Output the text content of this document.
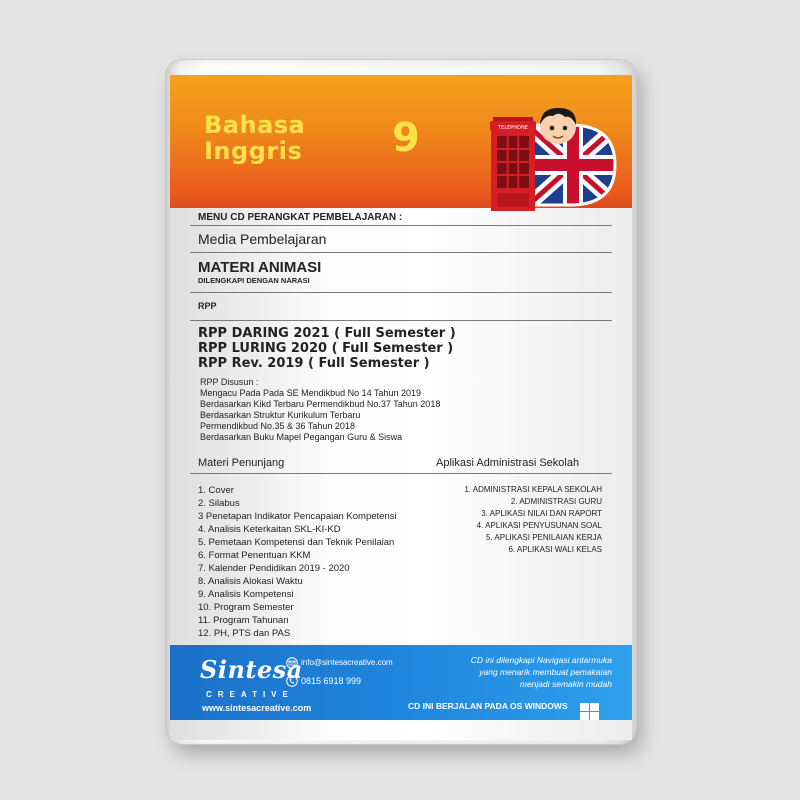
Bahasa
Inggris 9	TELEPHONE
MENU CD PERANGKAT PEMBELAJARAN :
Media Pembelajaran
MATERI ANIMASI
DILENGKAPI DENGAN NARASI
RPP
RPP DARING 2021 ( Full Semester )
RPP LURING 2020 ( Full Semester )
RPP Rev. 2019 ( Full Semester )
RPP Disusun :
Mengacu Pada Pada SE Mendikbud No 14 Tahun 2019
Berdasarkan Kikd Terbaru Permendikbud No.37 Tahun 2018
Berdasarkan Struktur Kurikulum Terbaru
Permendikbud No.35 & 36 Tahun 2018
Berdasarkan Buku Mapel Pegangan Guru & Siswa
Materi Penunjang	Aplikasi Administrasi Sekolah
1. Cover
2. Silabus
3 Penetapan Indikator Pencapaian Kompetensi
4. Analisis Keterkaitan SKL-KI-KD
5. Pemetaan Kompetensi dan Teknik Penilaian
6. Format Penentuan KKM
7. Kalender Pendidikan 2019 - 2020
8. Analisis Alokasi Waktu
9. Analisis Kompetensi
10. Program Semester
11. Program Tahunan
12. PH, PTS dan PAS
1. ADMINISTRASI KEPALA SEKOLAH
2. ADMINISTRASI GURU
3. APLIKASI NILAI DAN RAPORT
4. APLIKASI PENYUSUNAN SOAL
5. APLIKASI PENILAIAN KERJA
6. APLIKASI WALI KELAS
Sintesa
CREATIVE
www.sintesacreative.com
info@sintesacreative.com
0815 6918 999
CD ini dilengkapi Navigasi antarmuka
yang menarik membuat pemakaian
menjadi semakin mudah
CD INI BERJALAN PADA OS WINDOWS
